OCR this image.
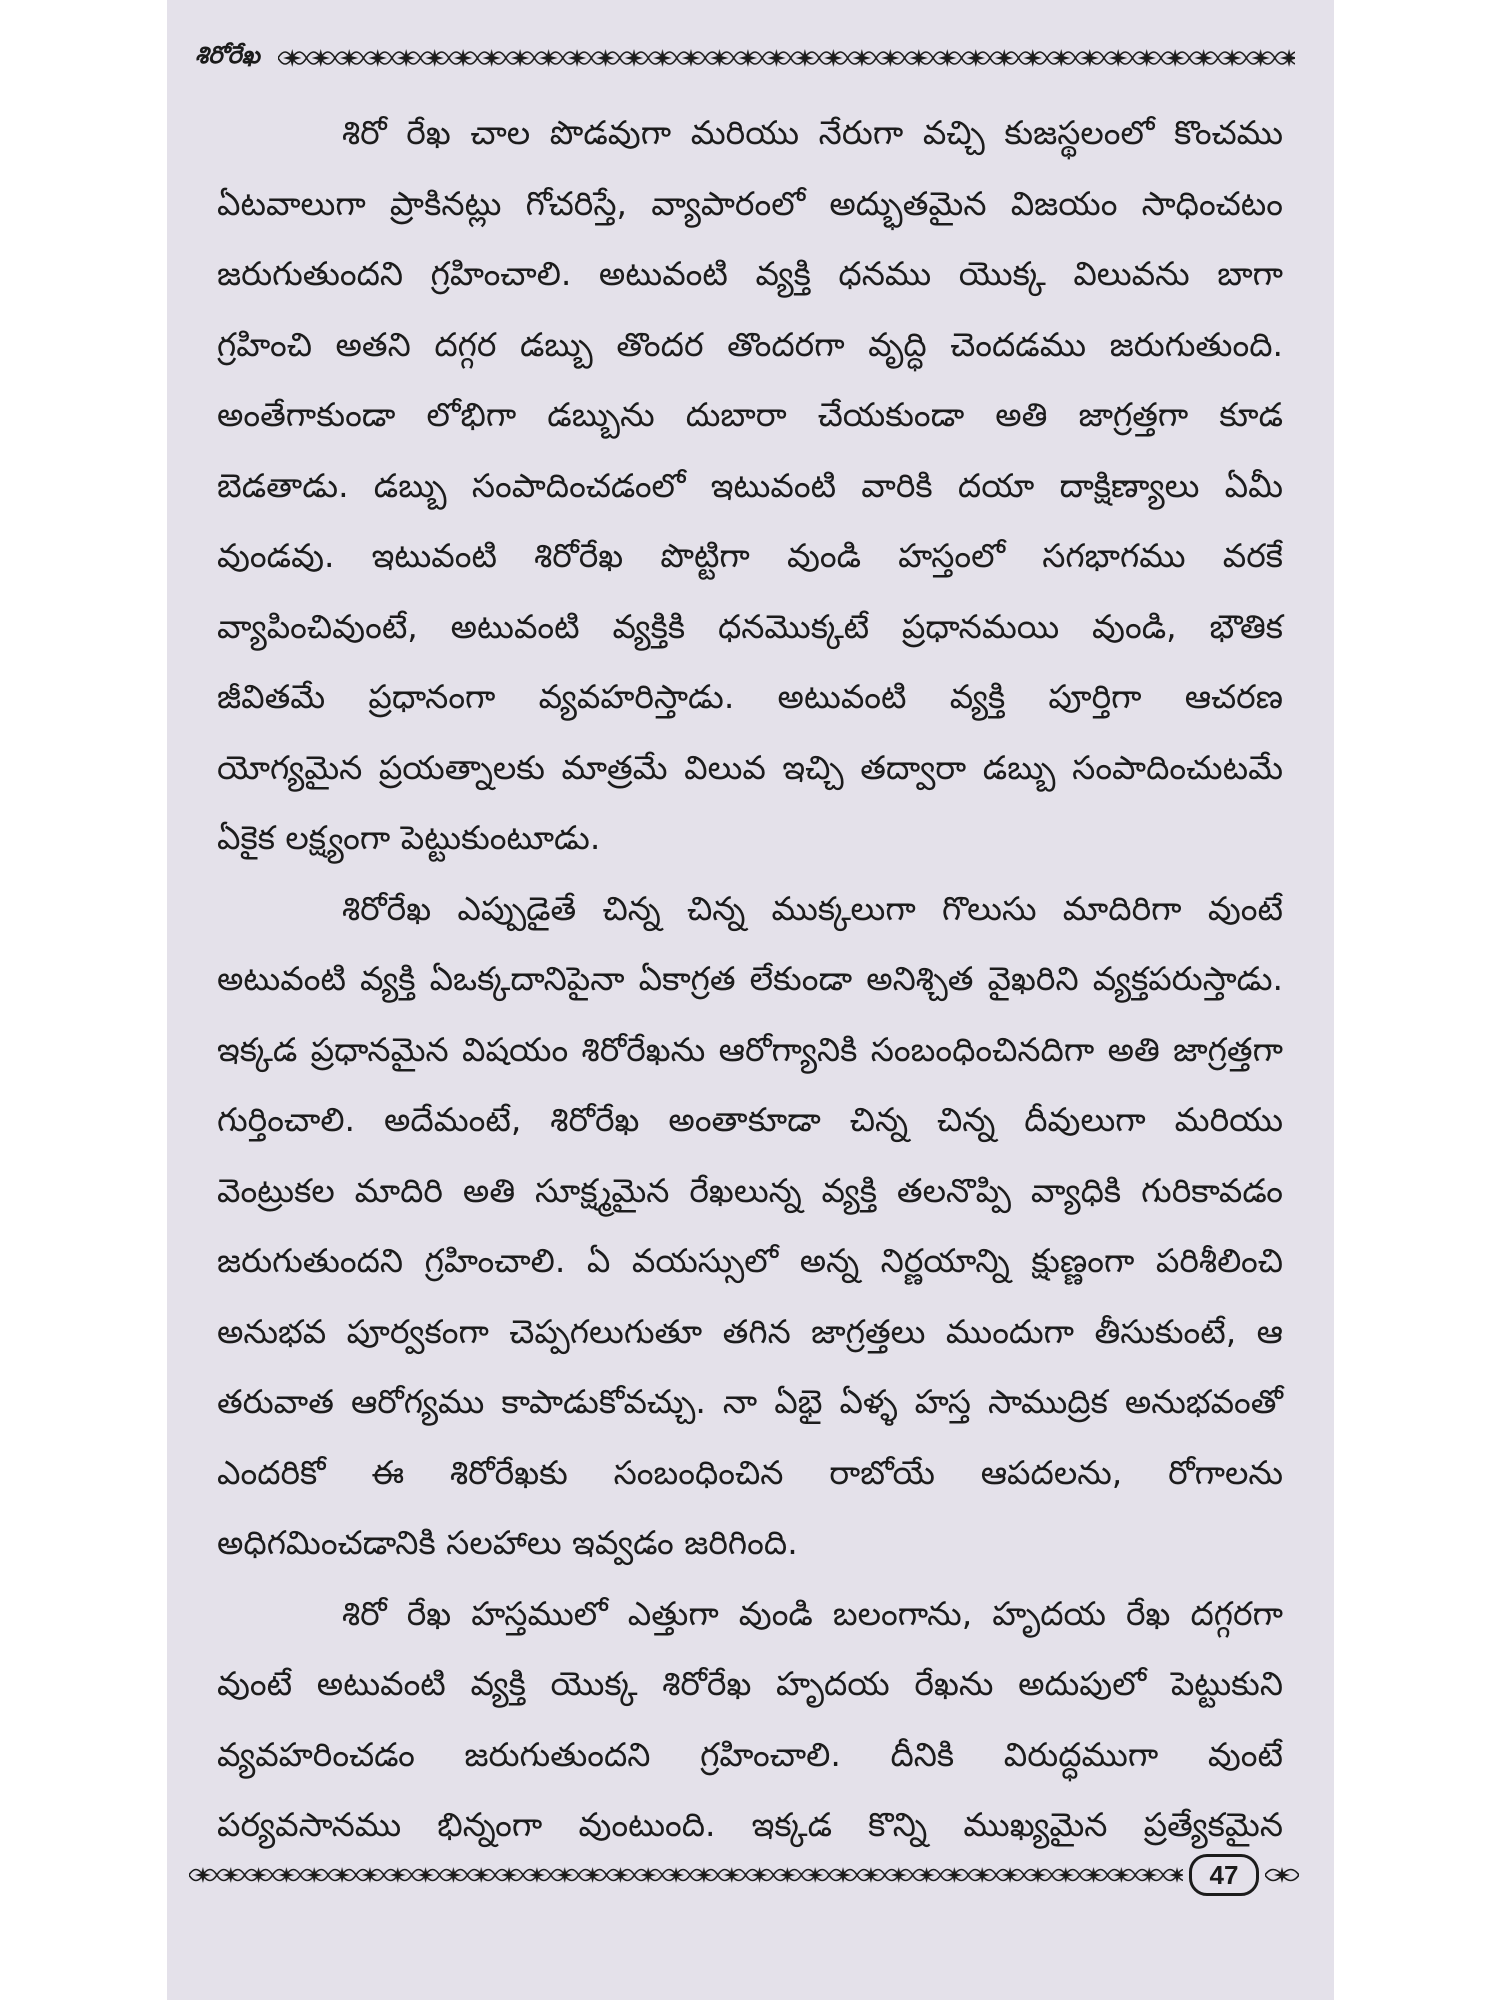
శిరోరేఖ

శిరో రేఖ చాల పొడవుగా మరియు నేరుగా వచ్చి కుజస్థలంలో కొంచము

ఏటవాలుగా ప్రాకినట్లు గోచరిస్తే, వ్యాపారంలో అద్భుతమైన విజయం సాధించటం

జరుగుతుందని గ్రహించాలి. అటువంటి వ్యక్తి ధనము యొక్క విలువను బాగా

గ్రహించి అతని దగ్గర డబ్బు తొందర తొందరగా వృద్ధి చెందడము జరుగుతుంది.

అంతేగాకుండా లోభిగా డబ్బును దుబారా చేయకుండా అతి జాగ్రత్తగా కూడ

బెడతాడు. డబ్బు సంపాదించడంలో ఇటువంటి వారికి దయా దాక్షిణ్యాలు ఏమీ

వుండవు. ఇటువంటి శిరోరేఖ పొట్టిగా వుండి హస్తంలో సగభాగము వరకే

వ్యాపించివుంటే, అటువంటి వ్యక్తికి ధనమొక్కటే ప్రధానమయి వుండి, భౌతిక

జీవితమే ప్రధానంగా వ్యవహరిస్తాడు. అటువంటి వ్యక్తి పూర్తిగా ఆచరణ

యోగ్యమైన ప్రయత్నాలకు మాత్రమే విలువ ఇచ్చి తద్వారా డబ్బు సంపాదించుటమే

ఏకైక లక్ష్యంగా పెట్టుకుంటూడు.

శిరోరేఖ ఎప్పుడైతే చిన్న చిన్న ముక్కలుగా గొలుసు మాదిరిగా వుంటే

అటువంటి వ్యక్తి ఏఒక్కదానిపైనా ఏకాగ్రత లేకుండా అనిశ్చిత వైఖరిని వ్యక్తపరుస్తాడు.

ఇక్కడ ప్రధానమైన విషయం శిరోరేఖను ఆరోగ్యానికి సంబంధించినదిగా అతి జాగ్రత్తగా

గుర్తించాలి. అదేమంటే, శిరోరేఖ అంతాకూడా చిన్న చిన్న దీవులుగా మరియు

వెంట్రుకల మాదిరి అతి సూక్ష్మమైన రేఖలున్న వ్యక్తి తలనొప్పి వ్యాధికి గురికావడం

జరుగుతుందని గ్రహించాలి. ఏ వయస్సులో అన్న నిర్ణయాన్ని క్షుణ్ణంగా పరిశీలించి

అనుభవ పూర్వకంగా చెప్పగలుగుతూ తగిన జాగ్రత్తలు ముందుగా తీసుకుంటే, ఆ

తరువాత ఆరోగ్యము కాపాడుకోవచ్చు. నా ఏభై ఏళ్ళ హస్త సాముద్రిక అనుభవంతో

ఎందరికో ఈ శిరోరేఖకు సంబంధించిన రాబోయే ఆపదలను, రోగాలను

అధిగమించడానికి సలహాలు ఇవ్వడం జరిగింది.

శిరో రేఖ హస్తములో ఎత్తుగా వుండి బలంగాను, హృదయ రేఖ దగ్గరగా

వుంటే అటువంటి వ్యక్తి యొక్క శిరోరేఖ హృదయ రేఖను అదుపులో పెట్టుకుని

వ్యవహరించడం జరుగుతుందని గ్రహించాలి. దీనికి విరుద్ధముగా వుంటే

పర్యవసానము భిన్నంగా వుంటుంది. ఇక్కడ కొన్ని ముఖ్యమైన ప్రత్యేకమైన

47
